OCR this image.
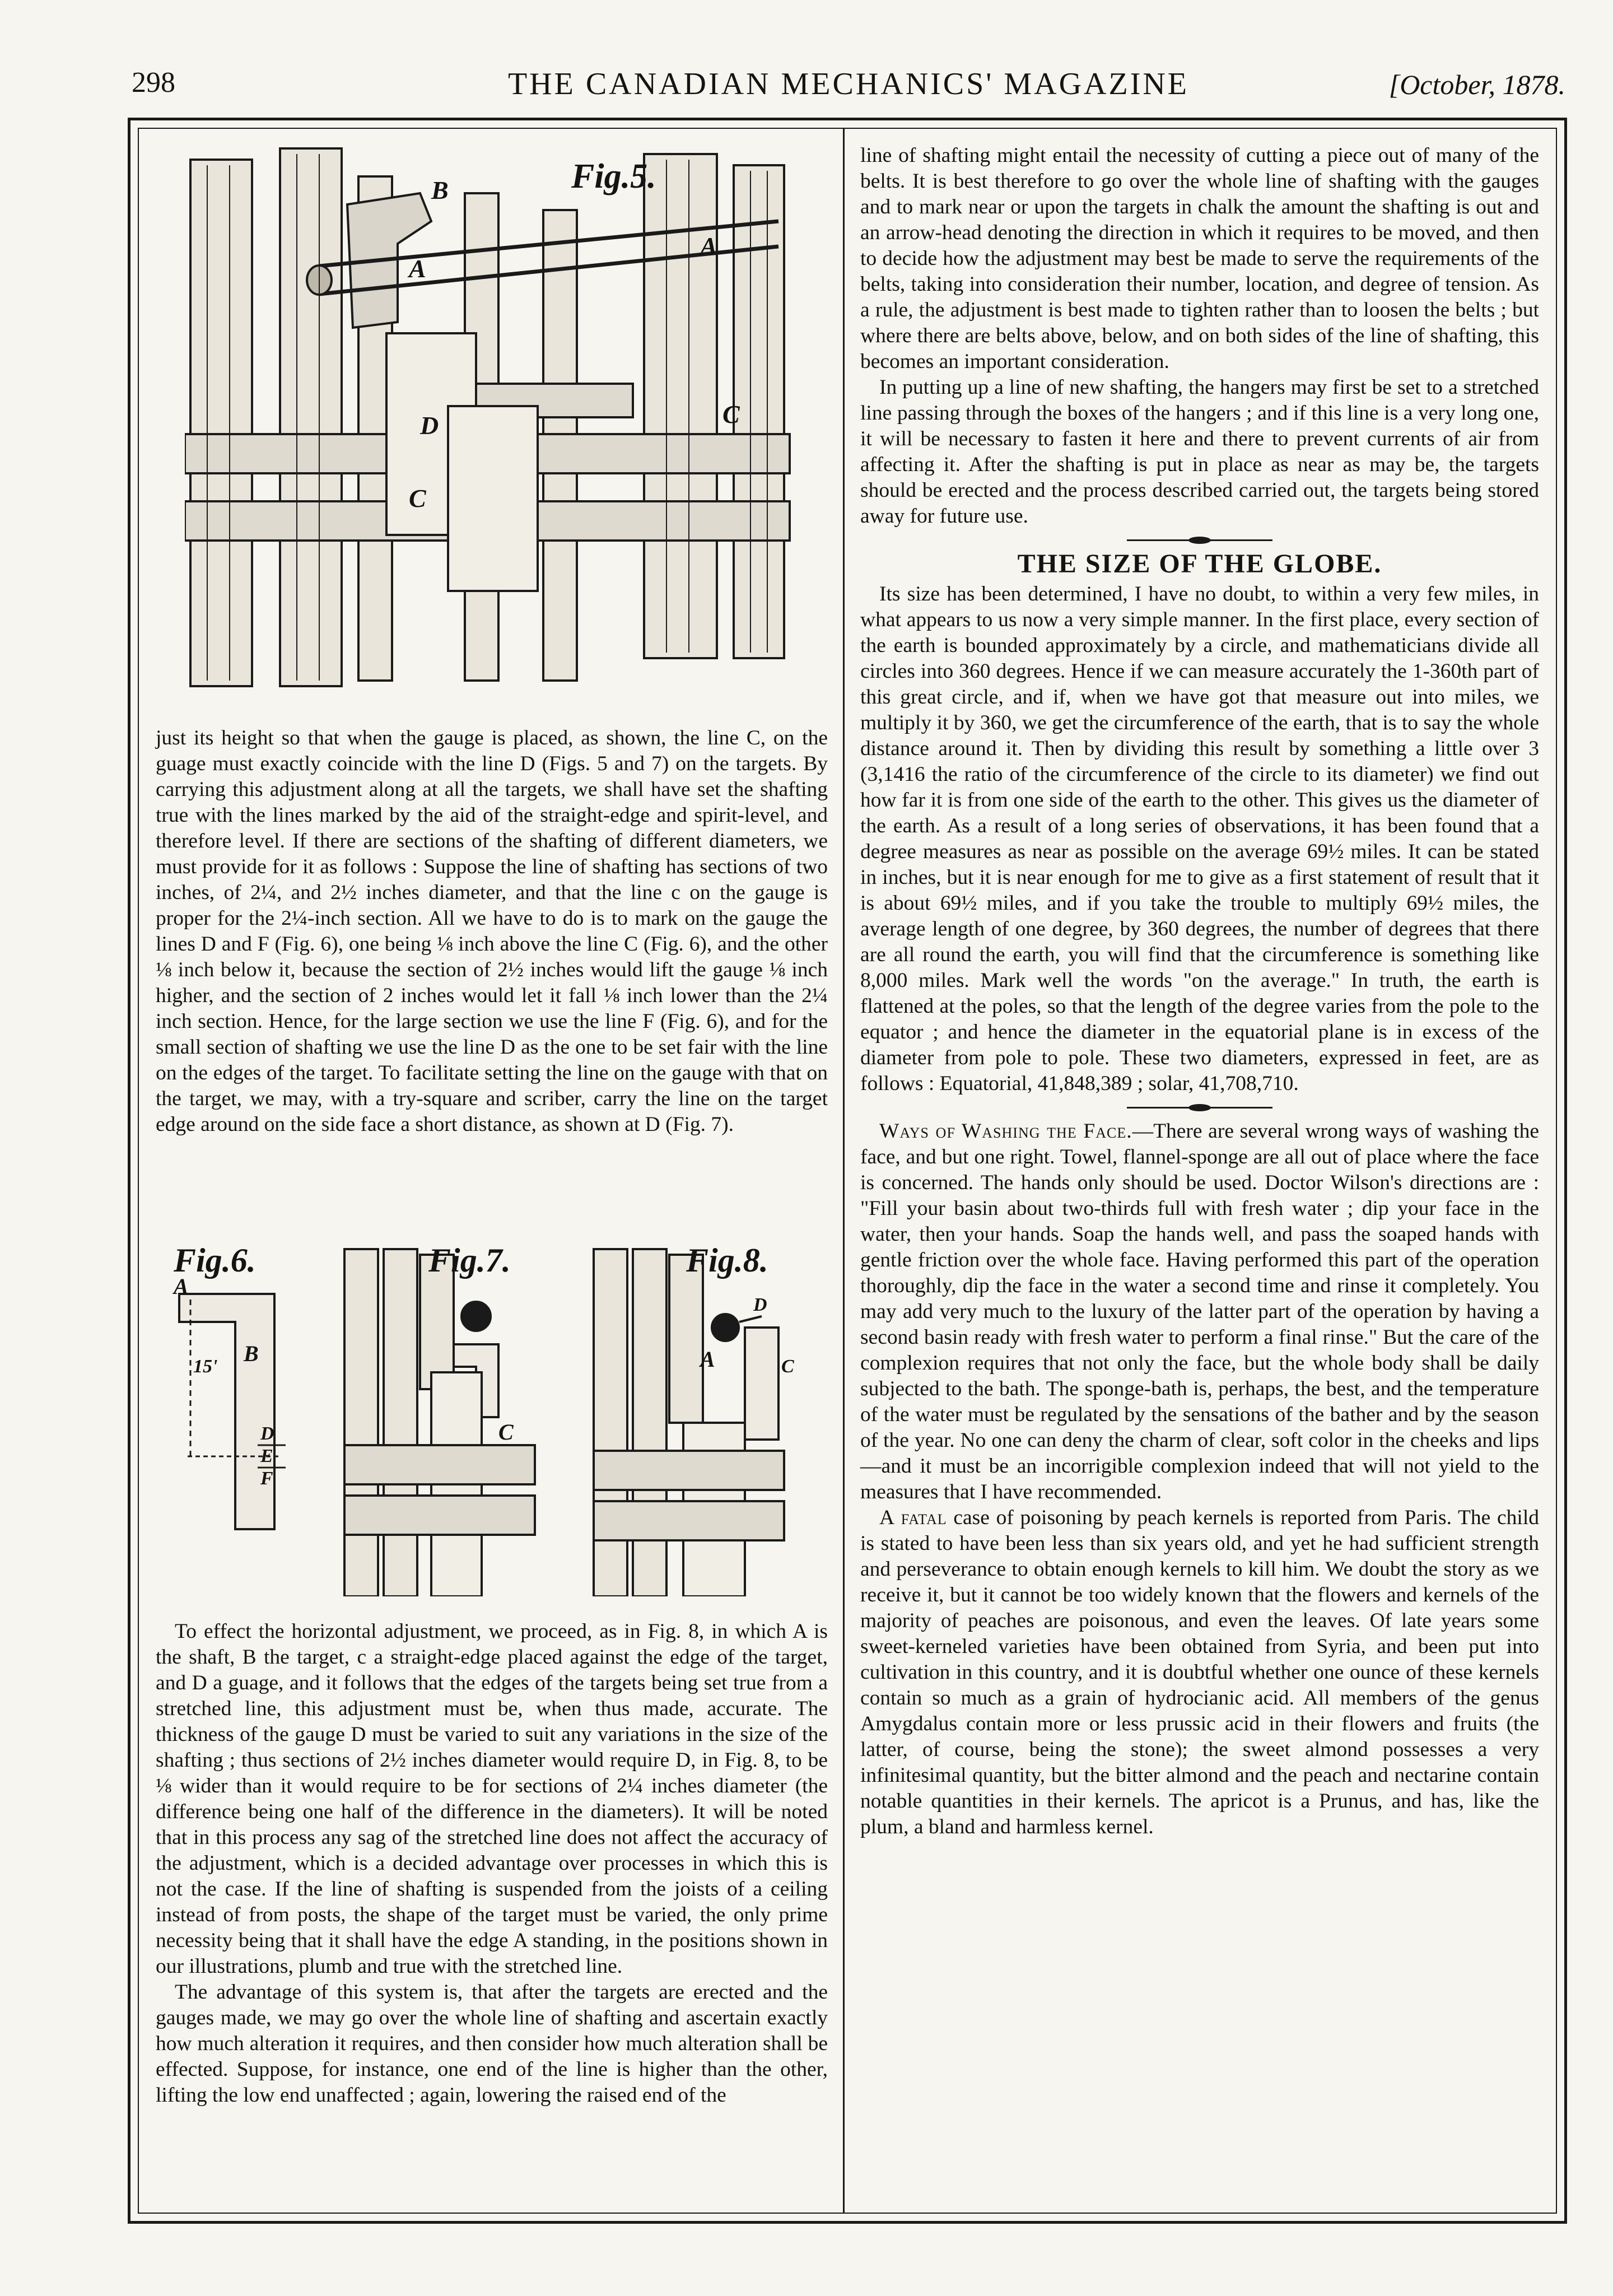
298	THE CANADIAN MECHANICS' MAGAZINE	[October, 1878.
Fig.5.
B
A
A
D
C
C

just its height so that when the gauge is placed, as shown, the line C, on the guage must exactly coincide with the line D (Figs. 5 and 7) on the targets. By carrying this adjustment along at all the targets, we shall have set the shafting true with the lines marked by the aid of the straight-edge and spirit-level, and therefore level. If there are sections of the shafting of different diameters, we must provide for it as follows : Suppose the line of shafting has sections of two inches, of 2¼, and 2½ inches diameter, and that the line c on the gauge is proper for the 2¼-inch section. All we have to do is to mark on the gauge the lines D and F (Fig. 6), one being ⅛ inch above the line C (Fig. 6), and the other ⅛ inch below it, because the section of 2½ inches would lift the gauge ⅛ inch higher, and the section of 2 inches would let it fall ⅛ inch lower than the 2¼ inch section. Hence, for the large section we use the line F (Fig. 6), and for the small section of shafting we use the line D as the one to be set fair with the line on the edges of the target. To facilitate setting the line on the gauge with that on the target, we may, with a try-square and scriber, carry the line on the target edge around on the side face a short distance, as shown at D (Fig. 7).

Fig.6.
A
B
15'
D
E
F
Fig.7.
C
Fig.8.
D
A	C

To effect the horizontal adjustment, we proceed, as in Fig. 8, in which A is the shaft, B the target, c a straight-edge placed against the edge of the target, and D a guage, and it follows that the edges of the targets being set true from a stretched line, this adjustment must be, when thus made, accurate. The thickness of the gauge D must be varied to suit any variations in the size of the shafting ; thus sections of 2½ inches diameter would require D, in Fig. 8, to be ⅛ wider than it would require to be for sections of 2¼ inches diameter (the difference being one half of the difference in the diameters). It will be noted that in this process any sag of the stretched line does not affect the accuracy of the adjustment, which is a decided advantage over processes in which this is not the case. If the line of shafting is suspended from the joists of a ceiling instead of from posts, the shape of the target must be varied, the only prime necessity being that it shall have the edge A standing, in the positions shown in our illustrations, plumb and true with the stretched line.

The advantage of this system is, that after the targets are erected and the gauges made, we may go over the whole line of shafting and ascertain exactly how much alteration it requires, and then consider how much alteration shall be effected. Suppose, for instance, one end of the line is higher than the other, lifting the low end unaffected ; again, lowering the raised end of the

line of shafting might entail the necessity of cutting a piece out of many of the belts. It is best therefore to go over the whole line of shafting with the gauges and to mark near or upon the targets in chalk the amount the shafting is out and an arrow-head denoting the direction in which it requires to be moved, and then to decide how the adjustment may best be made to serve the requirements of the belts, taking into consideration their number, location, and degree of tension. As a rule, the adjustment is best made to tighten rather than to loosen the belts ; but where there are belts above, below, and on both sides of the line of shafting, this becomes an important consideration.

In putting up a line of new shafting, the hangers may first be set to a stretched line passing through the boxes of the hangers ; and if this line is a very long one, it will be necessary to fasten it here and there to prevent currents of air from affecting it. After the shafting is put in place as near as may be, the targets should be erected and the process described carried out, the targets being stored away for future use.

THE SIZE OF THE GLOBE.

Its size has been determined, I have no doubt, to within a very few miles, in what appears to us now a very simple manner. In the first place, every section of the earth is bounded approximately by a circle, and mathematicians divide all circles into 360 degrees. Hence if we can measure accurately the 1-360th part of this great circle, and if, when we have got that measure out into miles, we multiply it by 360, we get the circumference of the earth, that is to say the whole distance around it. Then by dividing this result by something a little over 3 (3,1416 the ratio of the circumference of the circle to its diameter) we find out how far it is from one side of the earth to the other. This gives us the diameter of the earth. As a result of a long series of observations, it has been found that a degree measures as near as possible on the average 69½ miles. It can be stated in inches, but it is near enough for me to give as a first statement of result that it is about 69½ miles, and if you take the trouble to multiply 69½ miles, the average length of one degree, by 360 degrees, the number of degrees that there are all round the earth, you will find that the circumference is something like 8,000 miles. Mark well the words "on the average." In truth, the earth is flattened at the poles, so that the length of the degree varies from the pole to the equator ; and hence the diameter in the equatorial plane is in excess of the diameter from pole to pole. These two diameters, expressed in feet, are as follows : Equatorial, 41,848,389 ; solar, 41,708,710.

Ways of Washing the Face.—There are several wrong ways of washing the face, and but one right. Towel, flannel-sponge are all out of place where the face is concerned. The hands only should be used. Doctor Wilson's directions are : "Fill your basin about two-thirds full with fresh water ; dip your face in the water, then your hands. Soap the hands well, and pass the soaped hands with gentle friction over the whole face. Having performed this part of the operation thoroughly, dip the face in the water a second time and rinse it completely. You may add very much to the luxury of the latter part of the operation by having a second basin ready with fresh water to perform a final rinse." But the care of the complexion requires that not only the face, but the whole body shall be daily subjected to the bath. The sponge-bath is, perhaps, the best, and the temperature of the water must be regulated by the sensations of the bather and by the season of the year. No one can deny the charm of clear, soft color in the cheeks and lips —and it must be an incorrigible complexion indeed that will not yield to the measures that I have recommended.

A fatal case of poisoning by peach kernels is reported from Paris. The child is stated to have been less than six years old, and yet he had sufficient strength and perseverance to obtain enough kernels to kill him. We doubt the story as we receive it, but it cannot be too widely known that the flowers and kernels of the majority of peaches are poisonous, and even the leaves. Of late years some sweet-kerneled varieties have been obtained from Syria, and been put into cultivation in this country, and it is doubtful whether one ounce of these kernels contain so much as a grain of hydrocianic acid. All members of the genus Amygdalus contain more or less prussic acid in their flowers and fruits (the latter, of course, being the stone); the sweet almond possesses a very infinitesimal quantity, but the bitter almond and the peach and nectarine contain notable quantities in their kernels. The apricot is a Prunus, and has, like the plum, a bland and harmless kernel.
